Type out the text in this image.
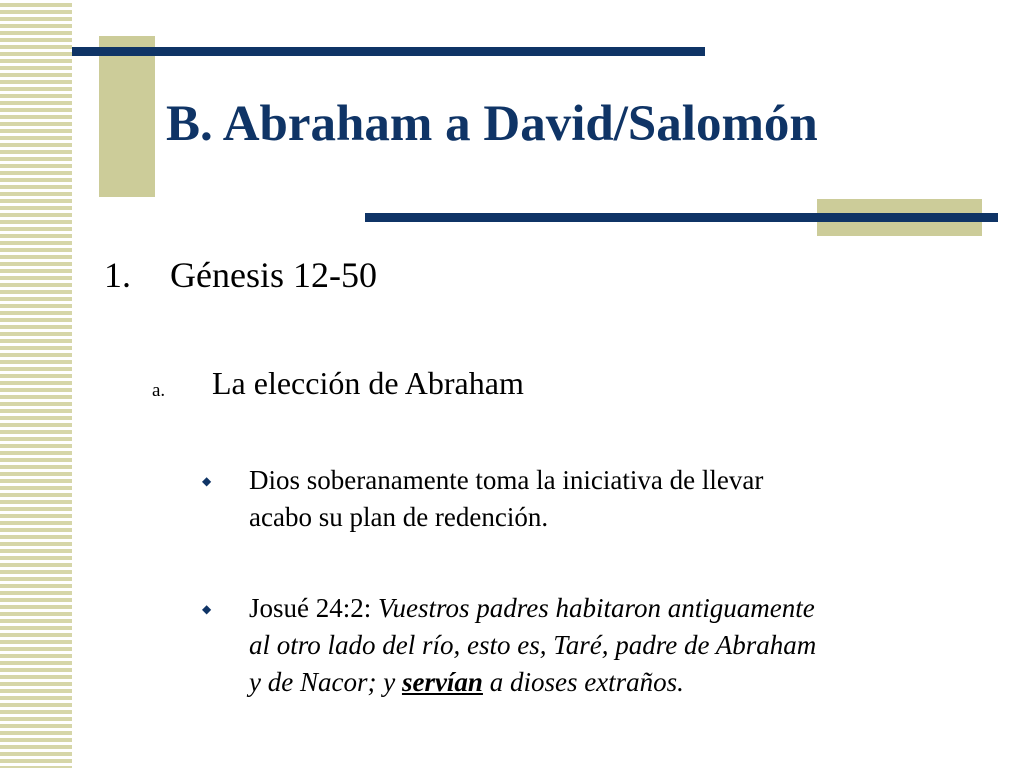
B. Abraham a David/Salomón
1. Génesis 12-50
a. La elección de Abraham
◆ Dios soberanamente toma la iniciativa de llevar
acabo su plan de redención.
◆ Josué 24:2: Vuestros padres habitaron antiguamente
al otro lado del río, esto es, Taré, padre de Abraham
y de Nacor; y servían a dioses extraños.
